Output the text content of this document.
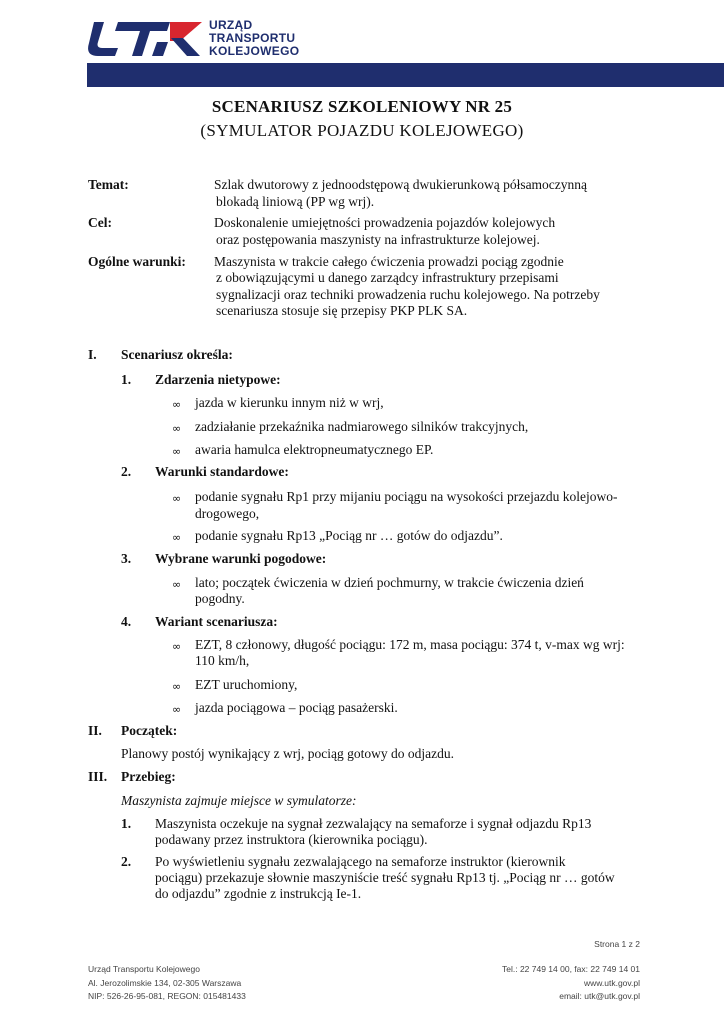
URZĄD
TRANSPORTU
KOLEJOWEGO
SCENARIUSZ SZKOLENIOWY NR 25
(SYMULATOR POJAZDU KOLEJOWEGO)
Temat:	Szlak dwutorowy z jednoodstępową dwukierunkową półsamoczynną
blokadą liniową (PP wg wrj).
Cel:	Doskonalenie umiejętności prowadzenia pojazdów kolejowych
oraz postępowania maszynisty na infrastrukturze kolejowej.
Ogólne warunki: Maszynista w trakcie całego ćwiczenia prowadzi pociąg zgodnie
z obowiązującymi u danego zarządcy infrastruktury przepisami
sygnalizacji oraz techniki prowadzenia ruchu kolejowego. Na potrzeby
scenariusza stosuje się przepisy PKP PLK SA.
I. Scenariusz określa:
1. Zdarzenia nietypowe:
∞ jazda w kierunku innym niż w wrj,
∞ zadziałanie przekaźnika nadmiarowego silników trakcyjnych,
∞ awaria hamulca elektropneumatycznego EP.
2. Warunki standardowe:
∞ podanie sygnału Rp1 przy mijaniu pociągu na wysokości przejazdu kolejowo-
drogowego,
∞ podanie sygnału Rp13 „Pociąg nr … gotów do odjazdu”.
3. Wybrane warunki pogodowe:
∞ lato; początek ćwiczenia w dzień pochmurny, w trakcie ćwiczenia dzień
pogodny.
4. Wariant scenariusza:
∞ EZT, 8 członowy, długość pociągu: 172 m, masa pociągu: 374 t, v-max wg wrj:
110 km/h,
∞ EZT uruchomiony,
∞ jazda pociągowa – pociąg pasażerski.
II. Początek:
Planowy postój wynikający z wrj, pociąg gotowy do odjazdu.
III. Przebieg:
Maszynista zajmuje miejsce w symulatorze:
1. Maszynista oczekuje na sygnał zezwalający na semaforze i sygnał odjazdu Rp13
podawany przez instruktora (kierownika pociągu).
2. Po wyświetleniu sygnału zezwalającego na semaforze instruktor (kierownik
pociągu) przekazuje słownie maszyniście treść sygnału Rp13 tj. „Pociąg nr … gotów
do odjazdu” zgodnie z instrukcją Ie-1.
Strona 1 z 2
Urząd Transportu Kolejowego
Al. Jerozolimskie 134, 02-305 Warszawa
NIP: 526-26-95-081, REGON: 015481433
Tel.: 22 749 14 00, fax: 22 749 14 01
www.utk.gov.pl
email: utk@utk.gov.pl
